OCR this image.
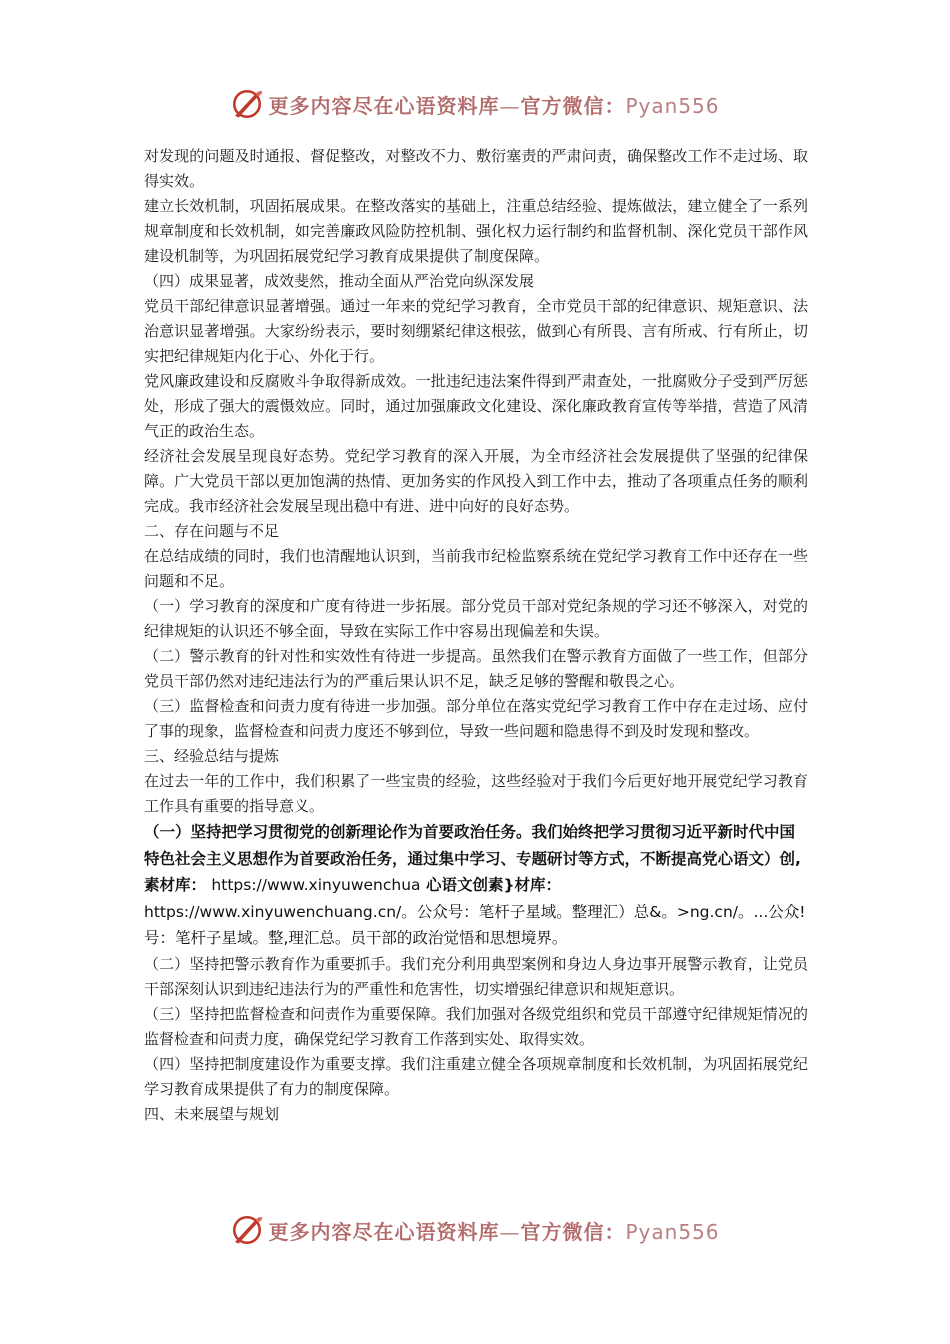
更多内容尽在心语资料库—官方微信：Pyan556

对发现的问题及时通报、督促整改，对整改不力、敷衍塞责的严肃问责，确保整改工作不走过场、取得实效。

建立长效机制，巩固拓展成果。在整改落实的基础上，注重总结经验、提炼做法，建立健全了一系列规章制度和长效机制，如完善廉政风险防控机制、强化权力运行制约和监督机制、深化党员干部作风建设机制等，为巩固拓展党纪学习教育成果提供了制度保障。

（四）成果显著，成效斐然，推动全面从严治党向纵深发展

党员干部纪律意识显著增强。通过一年来的党纪学习教育，全市党员干部的纪律意识、规矩意识、法治意识显著增强。大家纷纷表示，要时刻绷紧纪律这根弦，做到心有所畏、言有所戒、行有所止，切实把纪律规矩内化于心、外化于行。

党风廉政建设和反腐败斗争取得新成效。一批违纪违法案件得到严肃查处，一批腐败分子受到严厉惩处，形成了强大的震慑效应。同时，通过加强廉政文化建设、深化廉政教育宣传等举措，营造了风清气正的政治生态。

经济社会发展呈现良好态势。党纪学习教育的深入开展，为全市经济社会发展提供了坚强的纪律保障。广大党员干部以更加饱满的热情、更加务实的作风投入到工作中去，推动了各项重点任务的顺利完成。我市经济社会发展呈现出稳中有进、进中向好的良好态势。

二、存在问题与不足

在总结成绩的同时，我们也清醒地认识到，当前我市纪检监察系统在党纪学习教育工作中还存在一些问题和不足。

（一）学习教育的深度和广度有待进一步拓展。部分党员干部对党纪条规的学习还不够深入，对党的纪律规矩的认识还不够全面，导致在实际工作中容易出现偏差和失误。

（二）警示教育的针对性和实效性有待进一步提高。虽然我们在警示教育方面做了一些工作，但部分党员干部仍然对违纪违法行为的严重后果认识不足，缺乏足够的警醒和敬畏之心。

（三）监督检查和问责力度有待进一步加强。部分单位在落实党纪学习教育工作中存在走过场、应付了事的现象，监督检查和问责力度还不够到位，导致一些问题和隐患得不到及时发现和整改。

三、经验总结与提炼

在过去一年的工作中，我们积累了一些宝贵的经验，这些经验对于我们今后更好地开展党纪学习教育工作具有重要的指导意义。

（一）坚持把学习贯彻党的创新理论作为首要政治任务。我们始终把学习贯彻习近平新时代中国特色社会主义思想作为首要政治任务，通过集中学习、专题研讨等方式，不断提高党心语文）创,素材库： https://www.xinyuwenchua 心语文创素}材库： https://www.xinyuwenchuang.cn/。公众号：笔杆子星域。整理汇）总&。>ng.cn/。...公众!号：笔杆子星域。整,理汇总。员干部的政治觉悟和思想境界。

（二）坚持把警示教育作为重要抓手。我们充分利用典型案例和身边人身边事开展警示教育，让党员干部深刻认识到违纪违法行为的严重性和危害性，切实增强纪律意识和规矩意识。

（三）坚持把监督检查和问责作为重要保障。我们加强对各级党组织和党员干部遵守纪律规矩情况的监督检查和问责力度，确保党纪学习教育工作落到实处、取得实效。

（四）坚持把制度建设作为重要支撑。我们注重建立健全各项规章制度和长效机制，为巩固拓展党纪学习教育成果提供了有力的制度保障。

四、未来展望与规划

更多内容尽在心语资料库—官方微信：Pyan556
